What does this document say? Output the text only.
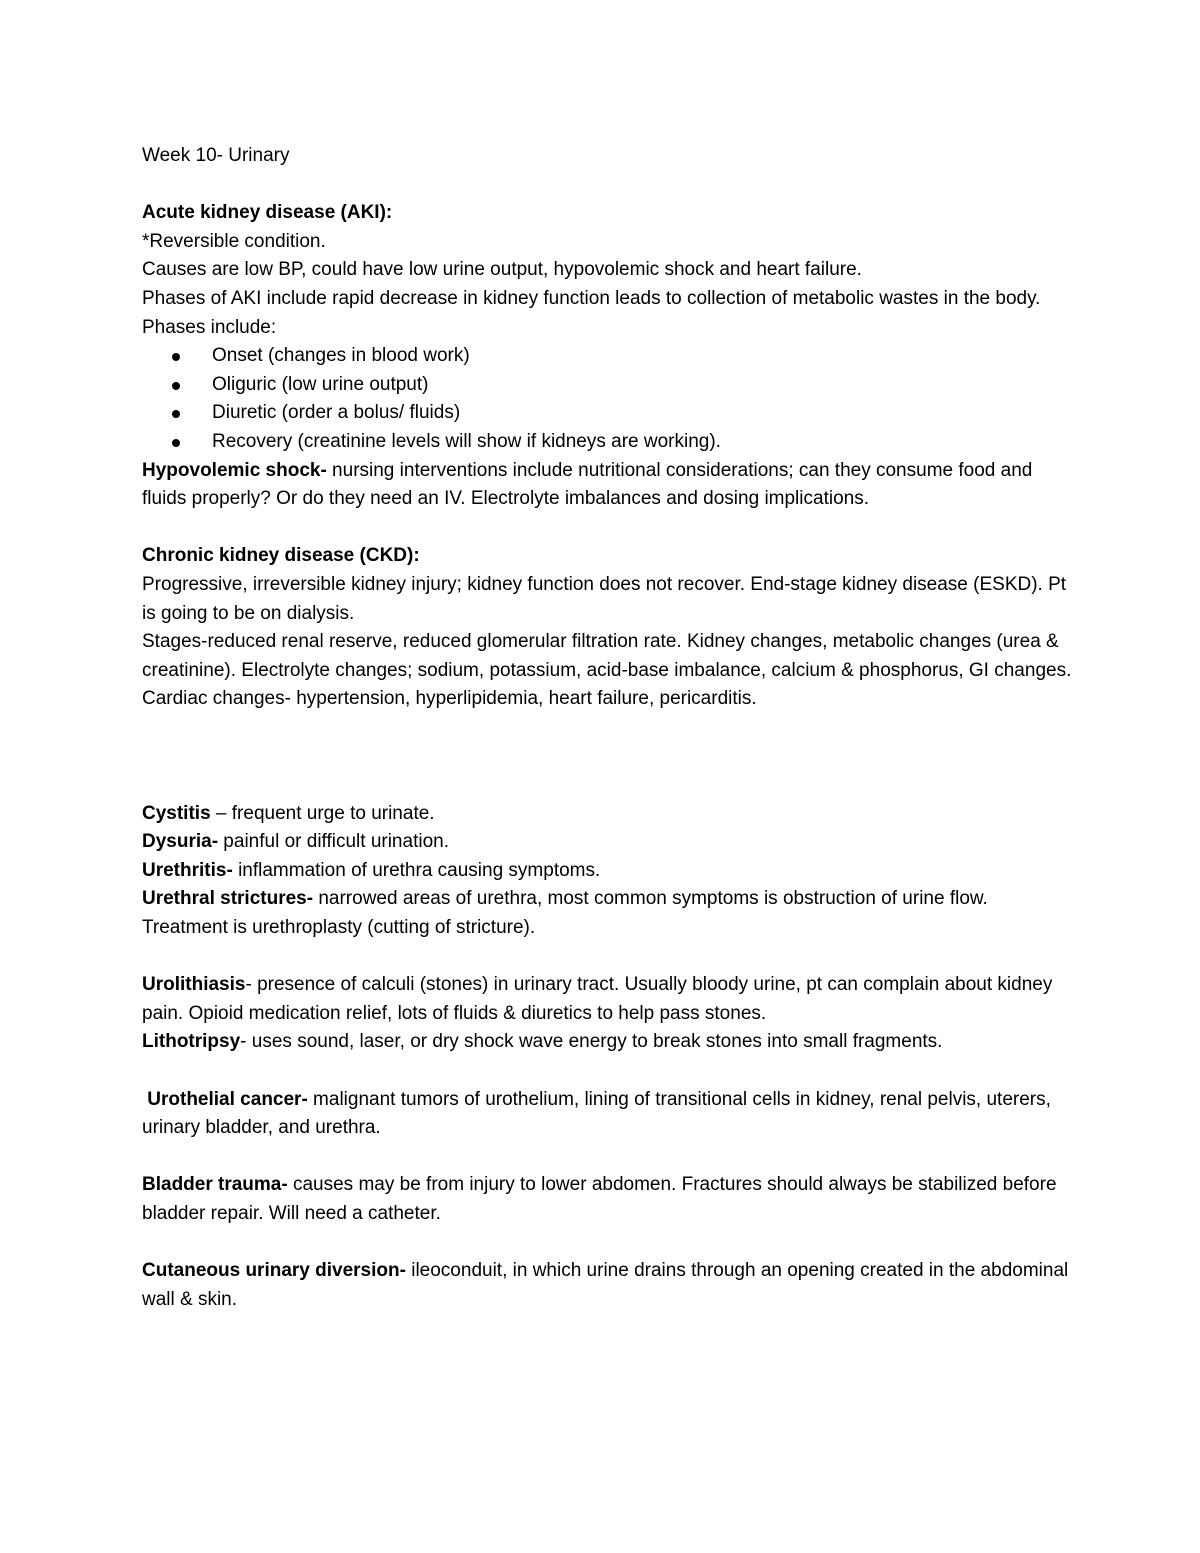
Week 10- Urinary

Acute kidney disease (AKI):

*Reversible condition.

Causes are low BP, could have low urine output, hypovolemic shock and heart failure.

Phases of AKI include rapid decrease in kidney function leads to collection of metabolic wastes in the body.

Phases include:

Onset (changes in blood work)
Oliguric (low urine output)
Diuretic (order a bolus/ fluids)
Recovery (creatinine levels will show if kidneys are working).

Hypovolemic shock- nursing interventions include nutritional considerations; can they consume food and fluids properly? Or do they need an IV. Electrolyte imbalances and dosing implications.

Chronic kidney disease (CKD):

Progressive, irreversible kidney injury; kidney function does not recover. End-stage kidney disease (ESKD). Pt is going to be on dialysis.

Stages-reduced renal reserve, reduced glomerular filtration rate. Kidney changes, metabolic changes (urea & creatinine). Electrolyte changes; sodium, potassium, acid-base imbalance, calcium & phosphorus, GI changes.

Cardiac changes- hypertension, hyperlipidemia, heart failure, pericarditis.

Cystitis – frequent urge to urinate.

Dysuria- painful or difficult urination.

Urethritis- inflammation of urethra causing symptoms.

Urethral strictures- narrowed areas of urethra, most common symptoms is obstruction of urine flow. Treatment is urethroplasty (cutting of stricture).

Urolithiasis- presence of calculi (stones) in urinary tract. Usually bloody urine, pt can complain about kidney pain. Opioid medication relief, lots of fluids & diuretics to help pass stones.

Lithotripsy- uses sound, laser, or dry shock wave energy to break stones into small fragments.

Urothelial cancer- malignant tumors of urothelium, lining of transitional cells in kidney, renal pelvis, uterers, urinary bladder, and urethra.

Bladder trauma- causes may be from injury to lower abdomen. Fractures should always be stabilized before bladder repair. Will need a catheter.

Cutaneous urinary diversion- ileoconduit, in which urine drains through an opening created in the abdominal wall & skin.
